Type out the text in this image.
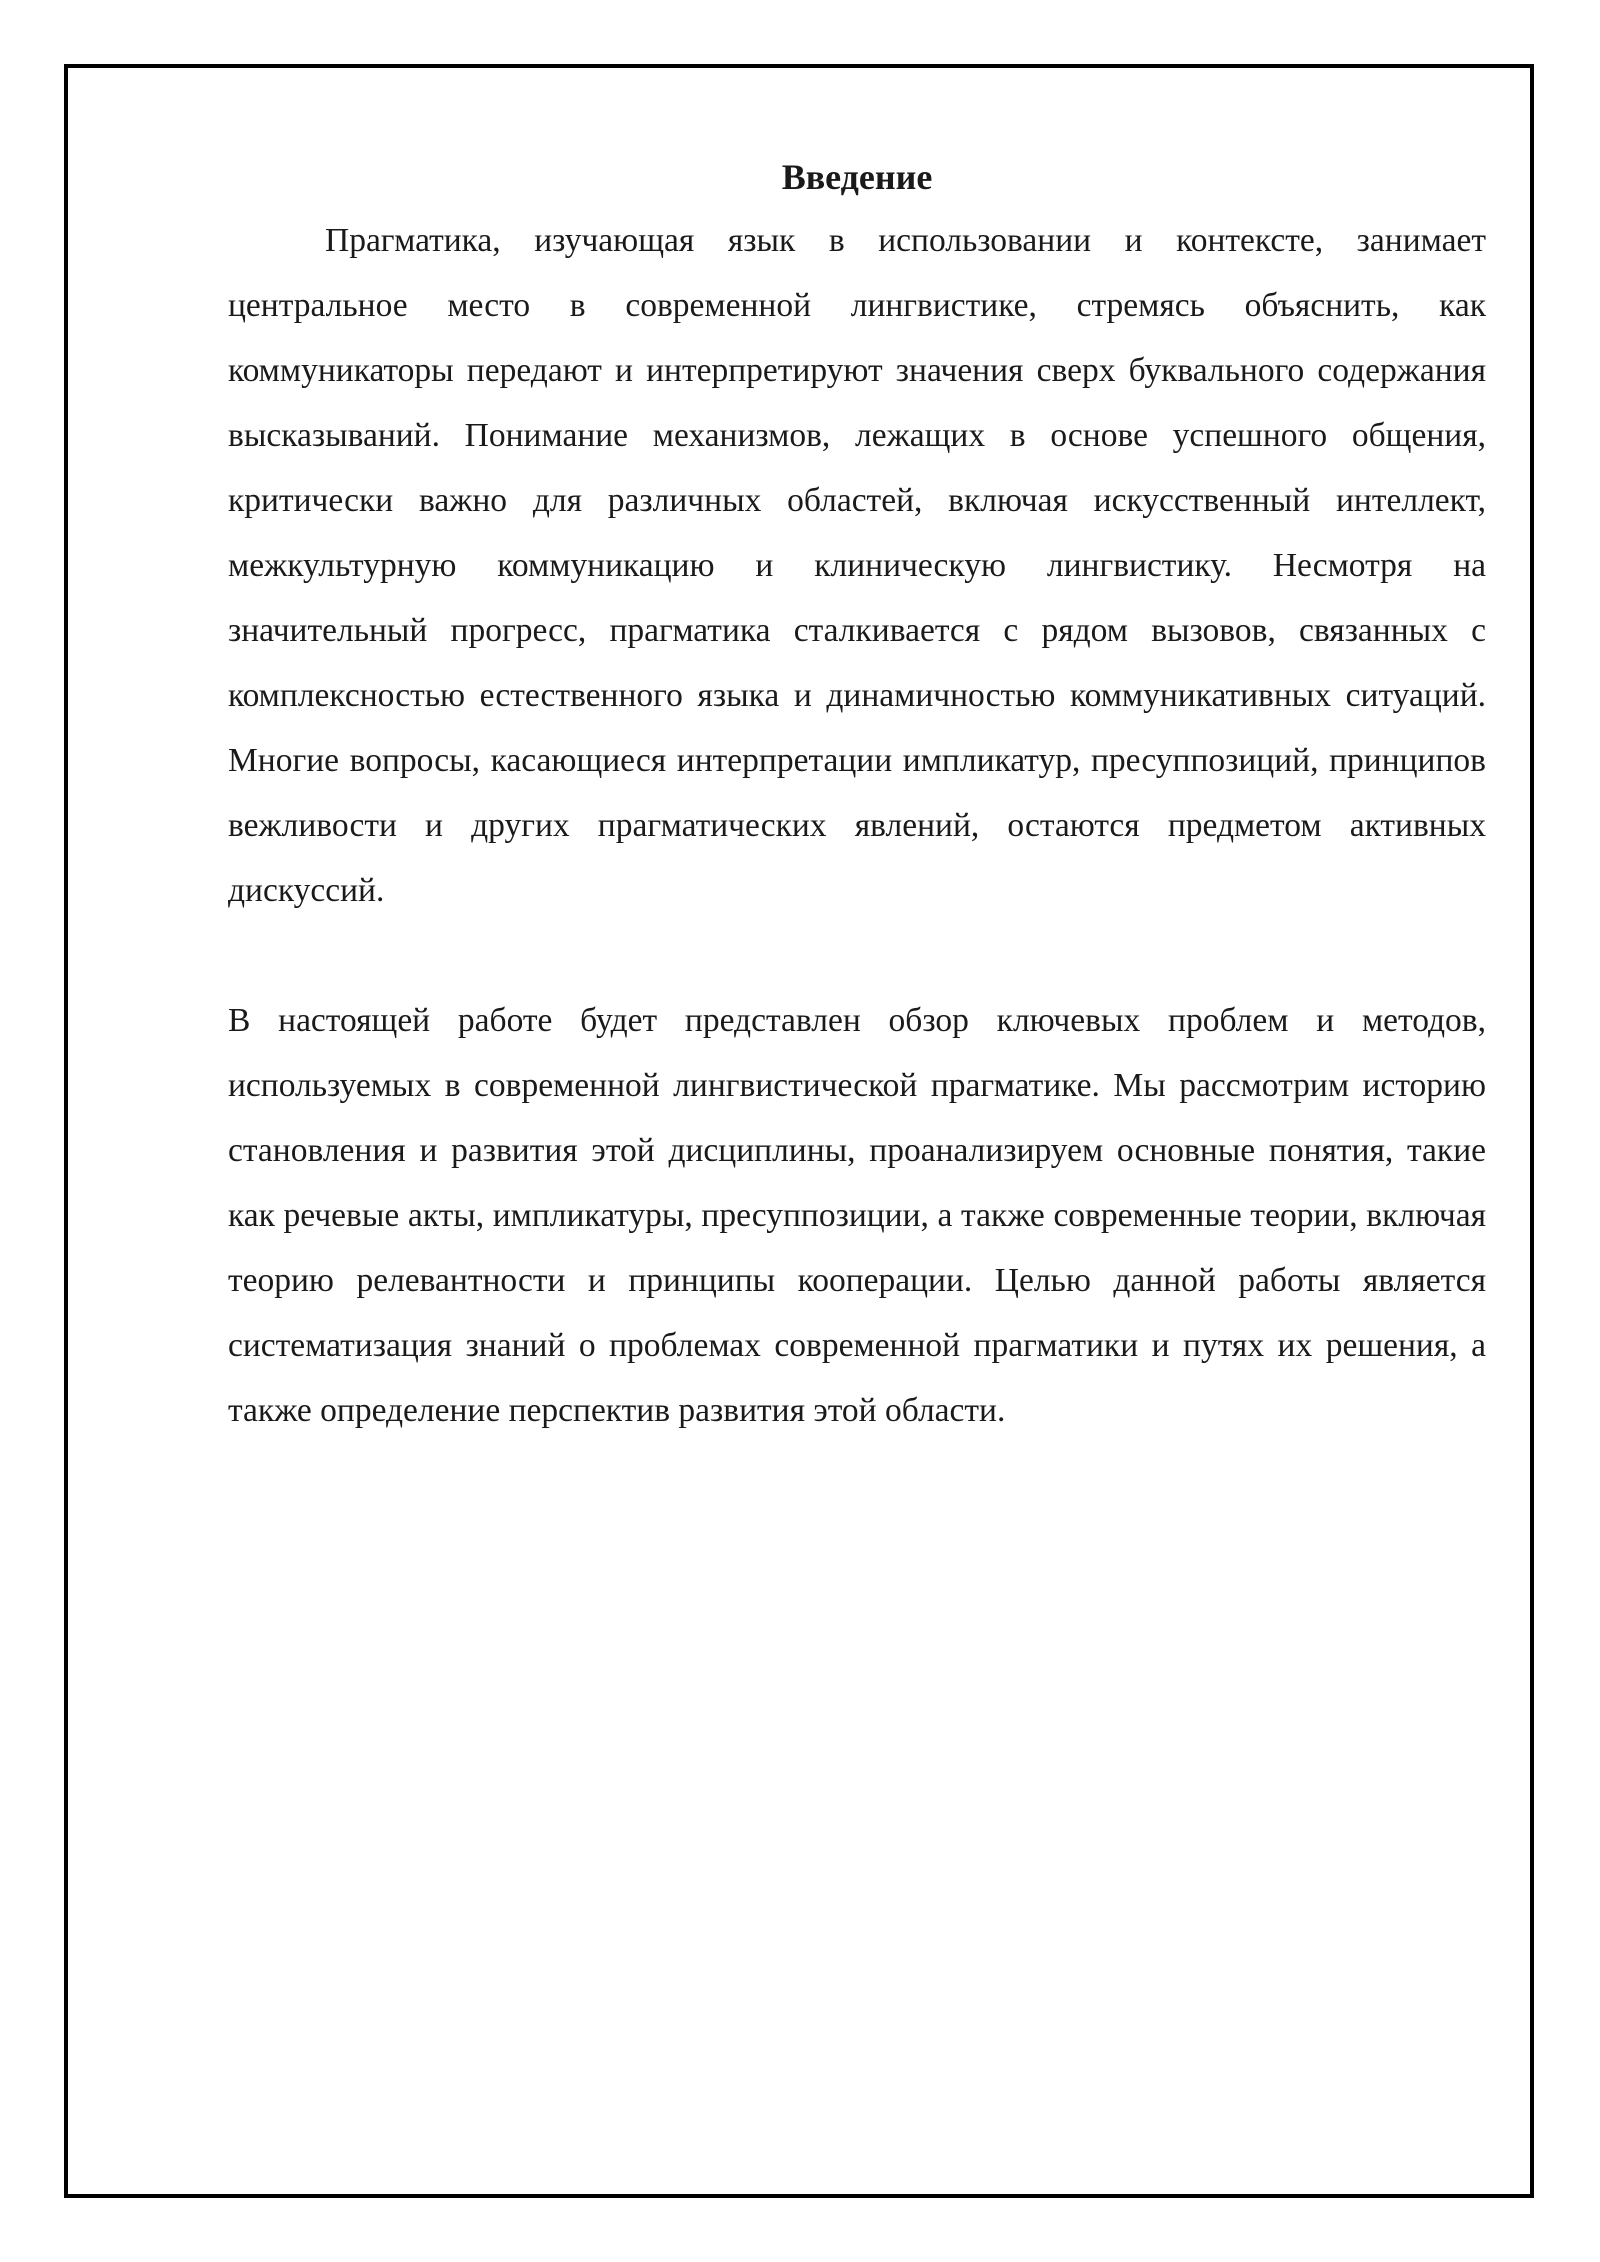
Введение

Прагматика, изучающая язык в использовании и контексте, занимает центральное место в современной лингвистике, стремясь объяснить, как коммуникаторы передают и интерпретируют значения сверх буквального содержания высказываний. Понимание механизмов, лежащих в основе успешного общения, критически важно для различных областей, включая искусственный интеллект, межкультурную коммуникацию и клиническую лингвистику. Несмотря на значительный прогресс, прагматика сталкивается с рядом вызовов, связанных с комплексностью естественного языка и динамичностью коммуникативных ситуаций. Многие вопросы, касающиеся интерпретации импликатур, пресуппозиций, принципов вежливости и других прагматических явлений, остаются предметом активных дискуссий.

В настоящей работе будет представлен обзор ключевых проблем и методов, используемых в современной лингвистической прагматике. Мы рассмотрим историю становления и развития этой дисциплины, проанализируем основные понятия, такие как речевые акты, импликатуры, пресуппозиции, а также современные теории, включая теорию релевантности и принципы кооперации. Целью данной работы является систематизация знаний о проблемах современной прагматики и путях их решения, а также определение перспектив развития этой области.
